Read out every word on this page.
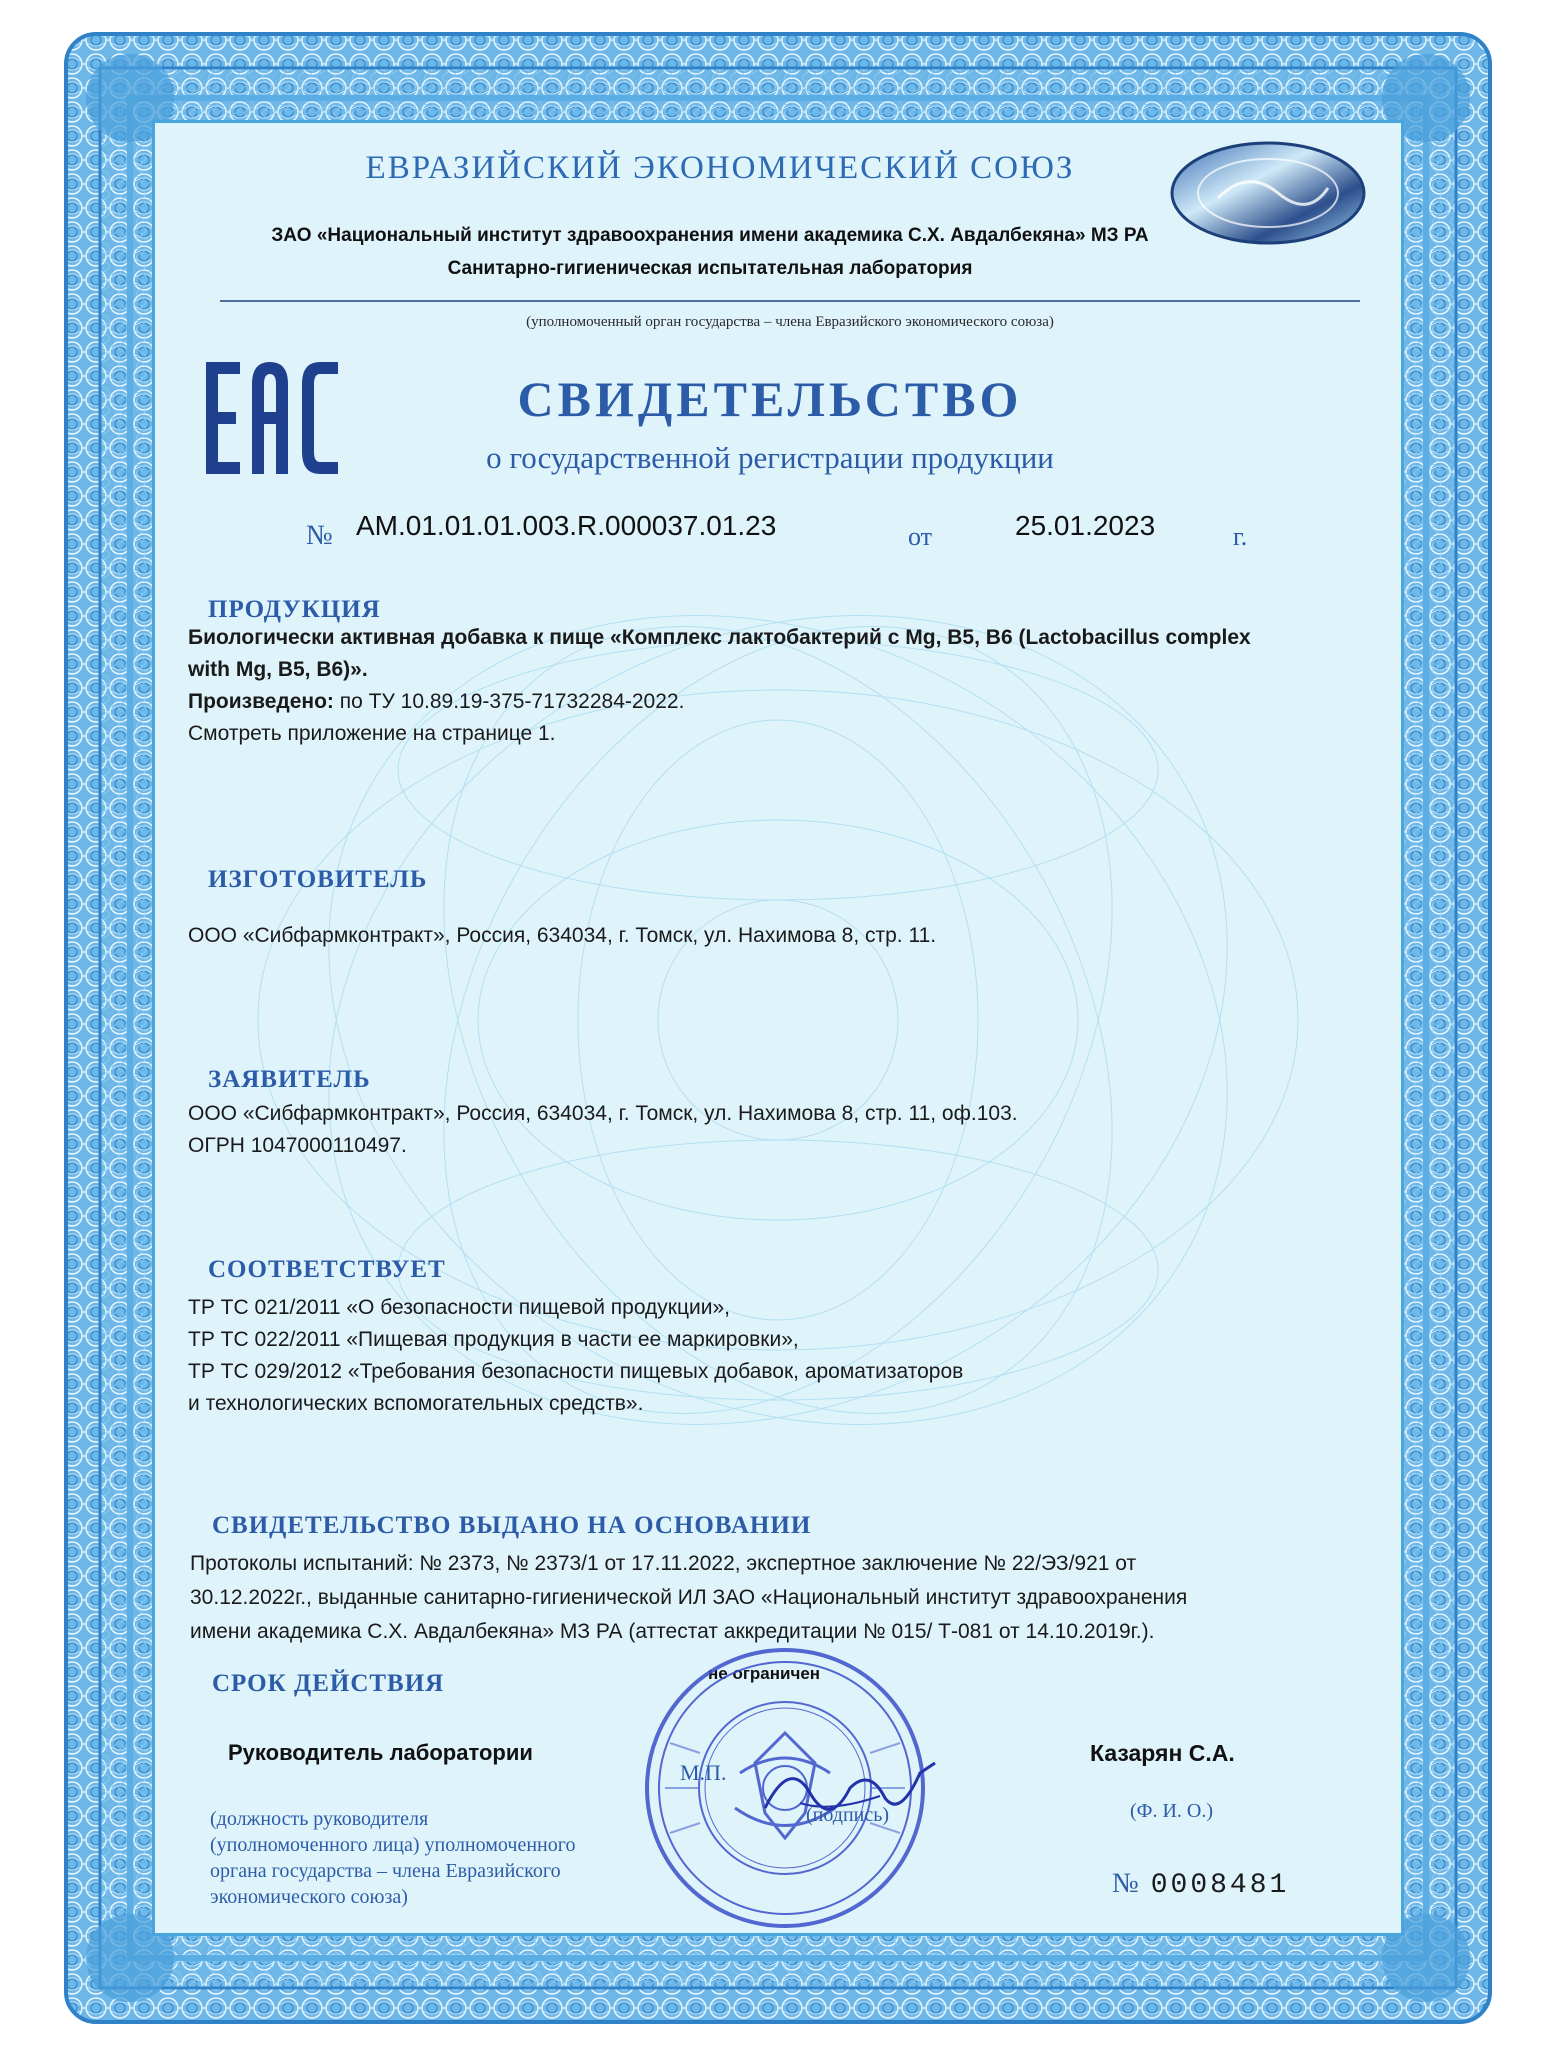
ЕВРАЗИЙСКИЙ ЭКОНОМИЧЕСКИЙ СОЮЗ
ЗАО «Национальный институт здравоохранения имени академика С.Х. Авдалбекяна» МЗ РА
Санитарно-гигиеническая испытательная лаборатория
(уполномоченный орган государства – члена Евразийского экономического союза)
СВИДЕТЕЛЬСТВО
о государственной регистрации продукции
№ AM.01.01.01.003.R.000037.01.23	от	25.01.2023	г.
ПРОДУКЦИЯ
Биологически активная добавка к пище «Комплекс лактобактерий с Mg, B5, B6 (Lactobacillus complex
with Mg, B5, B6)».
Произведено: по ТУ 10.89.19-375-71732284-2022.
Смотреть приложение на странице 1.
ИЗГОТОВИТЕЛЬ
ООО «Сибфармконтракт», Россия, 634034, г. Томск, ул. Нахимова 8, стр. 11.
ЗАЯВИТЕЛЬ
ООО «Сибфармконтракт», Россия, 634034, г. Томск, ул. Нахимова 8, стр. 11, оф.103.
ОГРН 1047000110497.
СООТВЕТСТВУЕТ
ТР ТС 021/2011 «О безопасности пищевой продукции»,
ТР ТС 022/2011 «Пищевая продукция в части ее маркировки»,
ТР ТС 029/2012 «Требования безопасности пищевых добавок, ароматизаторов
и технологических вспомогательных средств».
СВИДЕТЕЛЬСТВО ВЫДАНО НА ОСНОВАНИИ
Протоколы испытаний: № 2373, № 2373/1 от 17.11.2022, экспертное заключение № 22/ЭЗ/921 от
30.12.2022г., выданные санитарно-гигиенической ИЛ ЗАО «Национальный институт здравоохранения
имени академика С.Х. Авдалбекяна» МЗ РА (аттестат аккредитации № 015/ Т-081 от 14.10.2019г.).
СРОК ДЕЙСТВИЯ	не ограничен
Руководитель лаборатории	Казарян С.А.
(Ф. И. О.)
(должность руководителя
(уполномоченного лица) уполномоченного
органа государства – члена Евразийского
экономического союза)
М.П.
(подпись)
№ 0008481
